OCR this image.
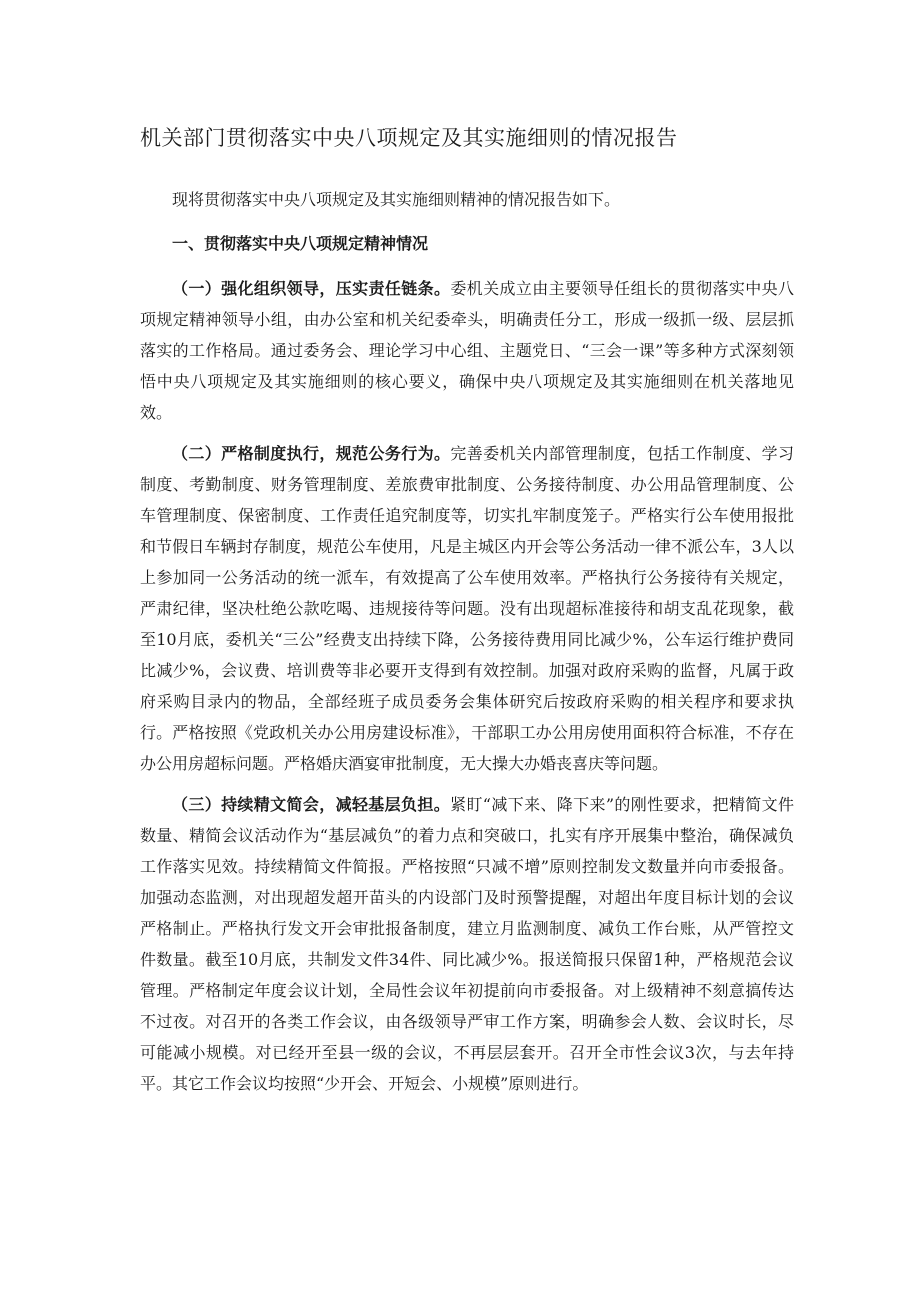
机关部门贯彻落实中央八项规定及其实施细则的情况报告

现将贯彻落实中央八项规定及其实施细则精神的情况报告如下。

一、贯彻落实中央八项规定精神情况

（一）强化组织领导，压实责任链条。委机关成立由主要领导任组长的贯彻落实中央八项规定精神领导小组，由办公室和机关纪委牵头，明确责任分工，形成一级抓一级、层层抓落实的工作格局。通过委务会、理论学习中心组、主题党日、“三会一课”等多种方式深刻领悟中央八项规定及其实施细则的核心要义，确保中央八项规定及其实施细则在机关落地见效。

（二）严格制度执行，规范公务行为。完善委机关内部管理制度，包括工作制度、学习制度、考勤制度、财务管理制度、差旅费审批制度、公务接待制度、办公用品管理制度、公车管理制度、保密制度、工作责任追究制度等，切实扎牢制度笼子。严格实行公车使用报批和节假日车辆封存制度，规范公车使用，凡是主城区内开会等公务活动一律不派公车，3人以上参加同一公务活动的统一派车，有效提高了公车使用效率。严格执行公务接待有关规定，严肃纪律，坚决杜绝公款吃喝、违规接待等问题。没有出现超标准接待和胡支乱花现象，截至10月底，委机关“三公”经费支出持续下降，公务接待费用同比减少%，公车运行维护费同比减少%，会议费、培训费等非必要开支得到有效控制。加强对政府采购的监督，凡属于政府采购目录内的物品，全部经班子成员委务会集体研究后按政府采购的相关程序和要求执行。严格按照《党政机关办公用房建设标准》，干部职工办公用房使用面积符合标准，不存在办公用房超标问题。严格婚庆酒宴审批制度，无大操大办婚丧喜庆等问题。

（三）持续精文简会，减轻基层负担。紧盯“减下来、降下来”的刚性要求，把精简文件数量、精简会议活动作为“基层减负”的着力点和突破口，扎实有序开展集中整治，确保减负工作落实见效。持续精简文件简报。严格按照“只减不增”原则控制发文数量并向市委报备。加强动态监测，对出现超发超开苗头的内设部门及时预警提醒，对超出年度目标计划的会议严格制止。严格执行发文开会审批报备制度，建立月监测制度、减负工作台账，从严管控文件数量。截至10月底，共制发文件34件、同比减少%。报送简报只保留1种，严格规范会议管理。严格制定年度会议计划，全局性会议年初提前向市委报备。对上级精神不刻意搞传达不过夜。对召开的各类工作会议，由各级领导严审工作方案，明确参会人数、会议时长，尽可能减小规模。对已经开至县一级的会议，不再层层套开。召开全市性会议3次，与去年持平。其它工作会议均按照“少开会、开短会、小规模”原则进行。
